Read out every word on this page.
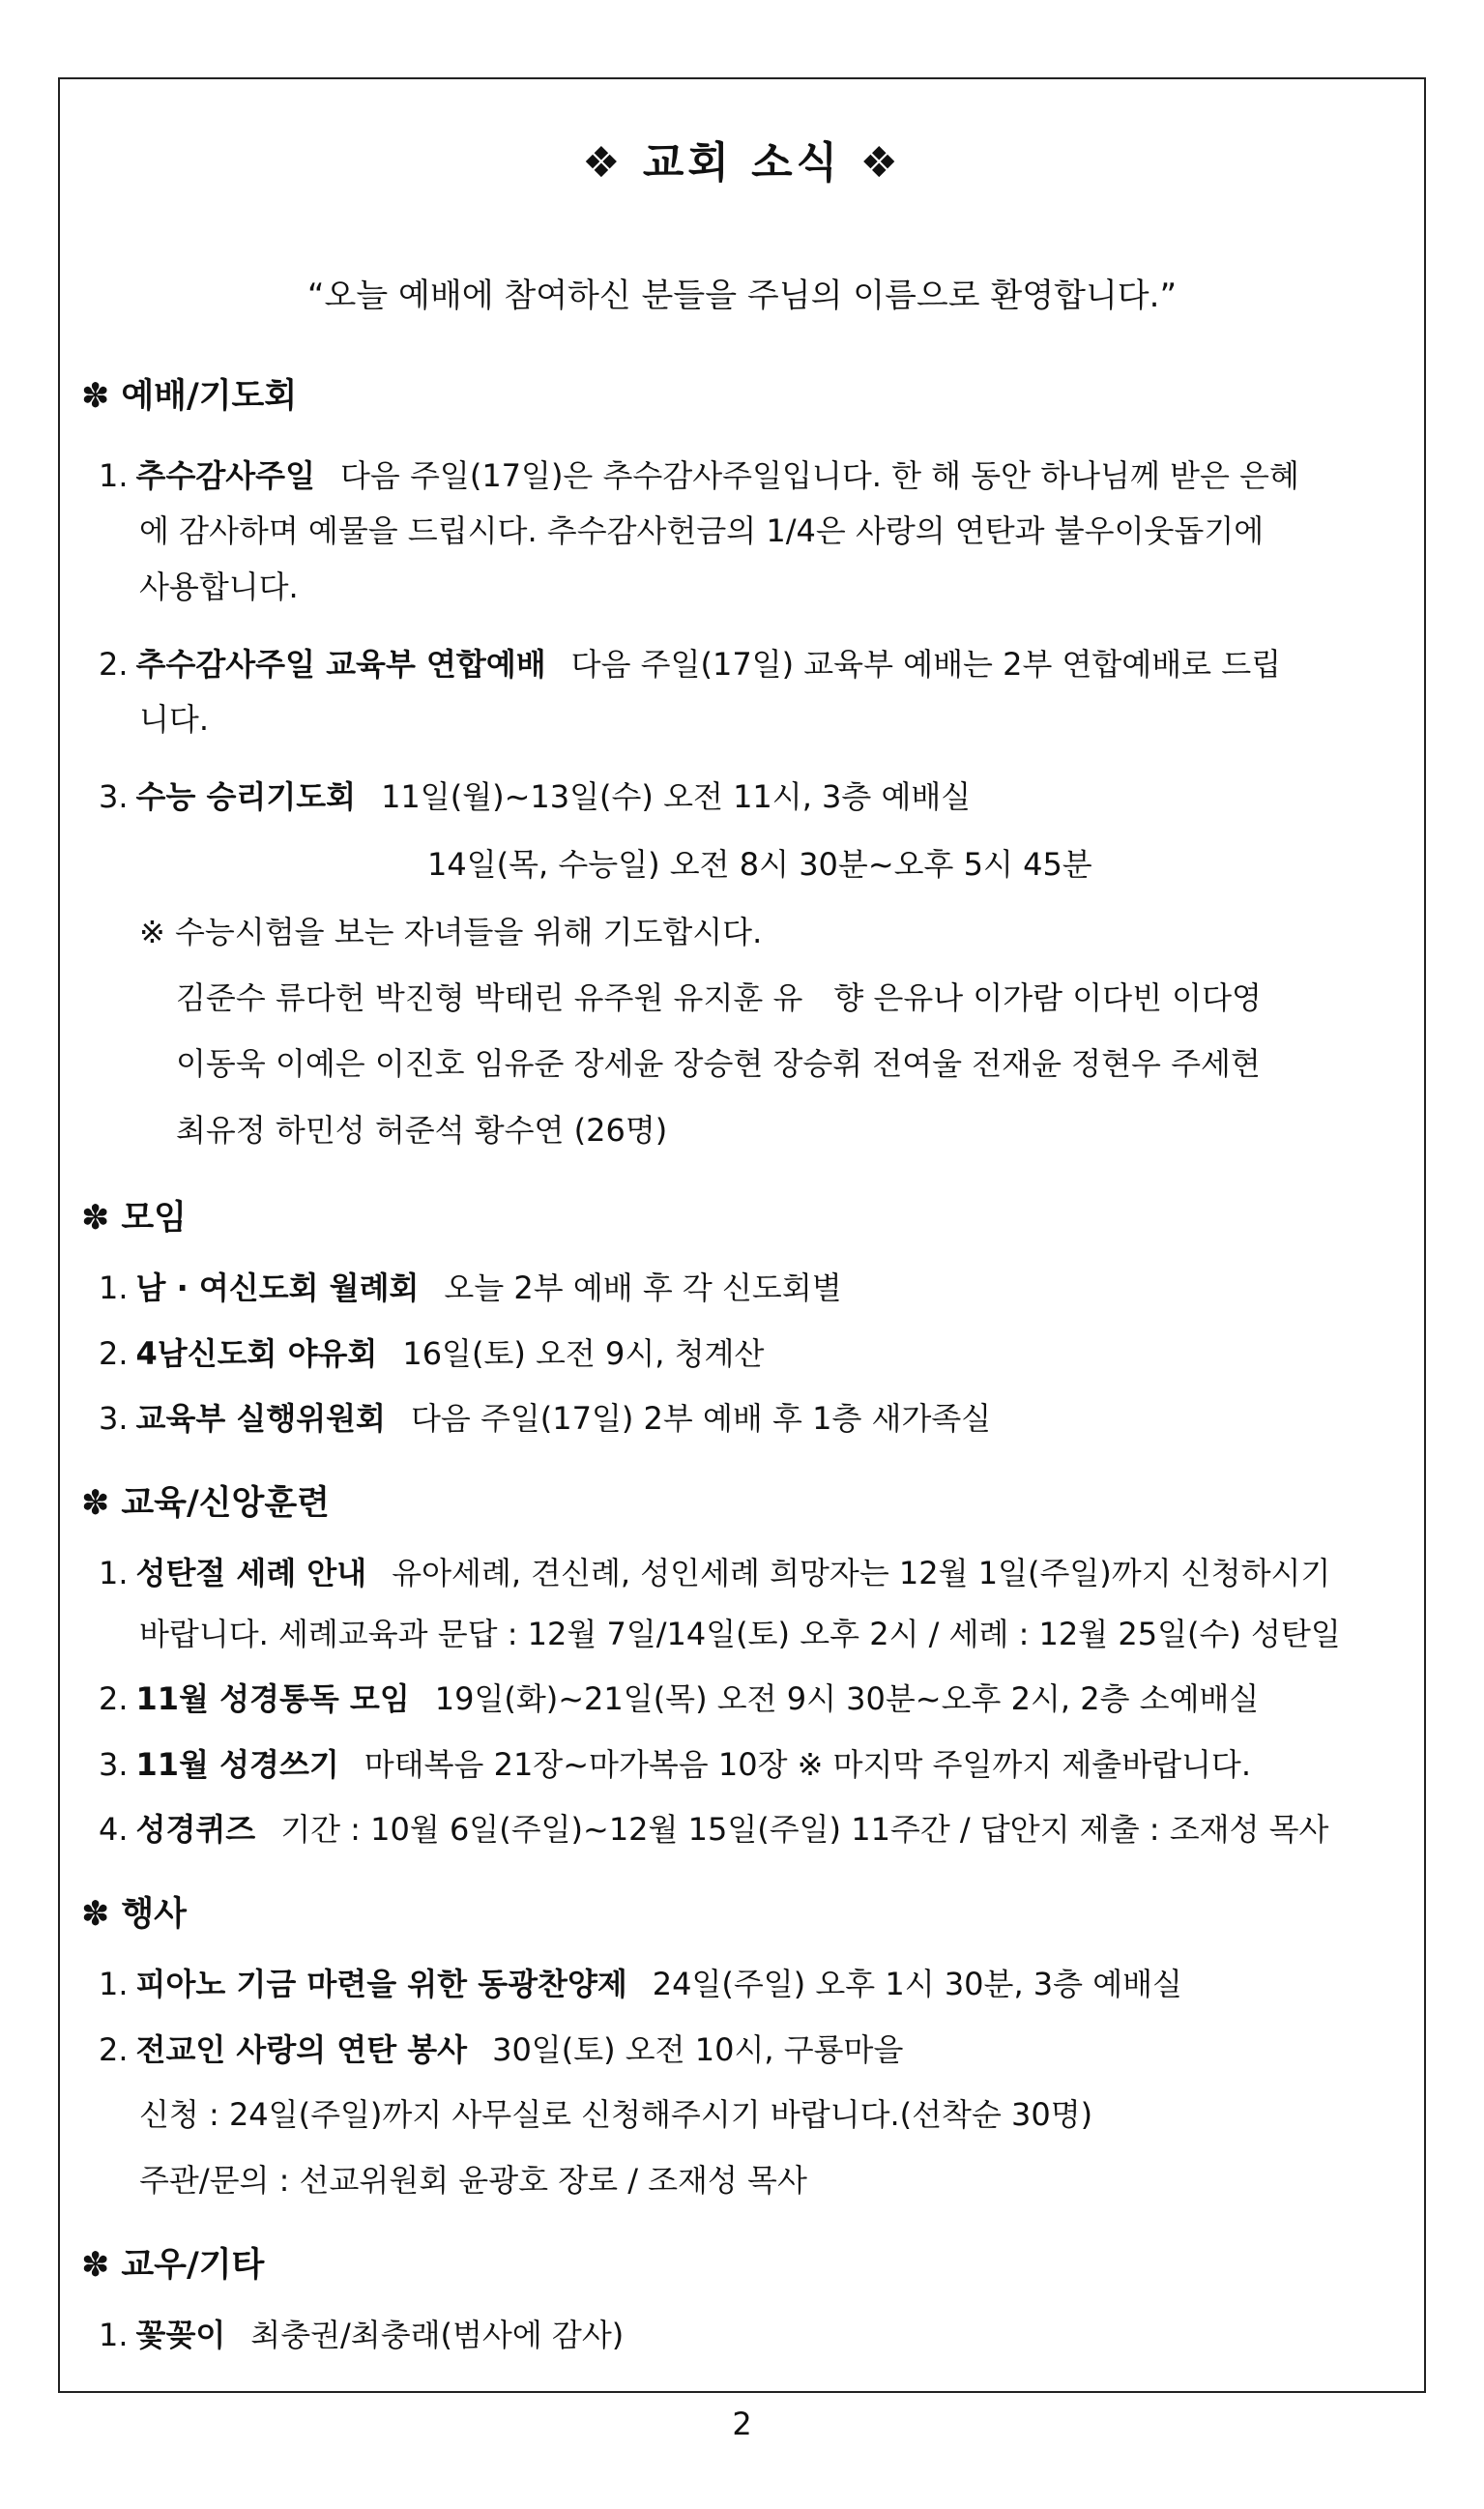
❖ 교회 소식 ❖
“오늘 예배에 참여하신 분들을 주님의 이름으로 환영합니다.”
✽ 예배/기도회
1. 추수감사주일 다음 주일(17일)은 추수감사주일입니다. 한 해 동안 하나님께 받은 은혜
에 감사하며 예물을 드립시다. 추수감사헌금의 1/4은 사랑의 연탄과 불우이웃돕기에
사용합니다.
2. 추수감사주일 교육부 연합예배 다음 주일(17일) 교육부 예배는 2부 연합예배로 드립
니다.
3. 수능 승리기도회 11일(월)~13일(수) 오전 11시, 3층 예배실
14일(목, 수능일) 오전 8시 30분~오후 5시 45분
※ 수능시험을 보는 자녀들을 위해 기도합시다.
김준수 류다헌 박진형 박태린 유주원 유지훈 유　향 은유나 이가람 이다빈 이다영
이동욱 이예은 이진호 임유준 장세윤 장승현 장승휘 전여울 전재윤 정현우 주세현
최유정 하민성 허준석 황수연 (26명)
✽ 모임
1. 남 · 여신도회 월례회 오늘 2부 예배 후 각 신도회별
2. 4남신도회 야유회 16일(토) 오전 9시, 청계산
3. 교육부 실행위원회 다음 주일(17일) 2부 예배 후 1층 새가족실
✽ 교육/신앙훈련
1. 성탄절 세례 안내 유아세례, 견신례, 성인세례 희망자는 12월 1일(주일)까지 신청하시기
바랍니다. 세례교육과 문답 : 12월 7일/14일(토) 오후 2시 / 세례 : 12월 25일(수) 성탄일
2. 11월 성경통독 모임 19일(화)~21일(목) 오전 9시 30분~오후 2시, 2층 소예배실
3. 11월 성경쓰기 마태복음 21장~마가복음 10장 ※ 마지막 주일까지 제출바랍니다.
4. 성경퀴즈 기간 : 10월 6일(주일)~12월 15일(주일) 11주간 / 답안지 제출 : 조재성 목사
✽ 행사
1. 피아노 기금 마련을 위한 동광찬양제 24일(주일) 오후 1시 30분, 3층 예배실
2. 전교인 사랑의 연탄 봉사 30일(토) 오전 10시, 구룡마을
신청 : 24일(주일)까지 사무실로 신청해주시기 바랍니다.(선착순 30명)
주관/문의 : 선교위원회 윤광호 장로 / 조재성 목사
✽ 교우/기타
1. 꽃꽂이 최충권/최충래(범사에 감사)
2
